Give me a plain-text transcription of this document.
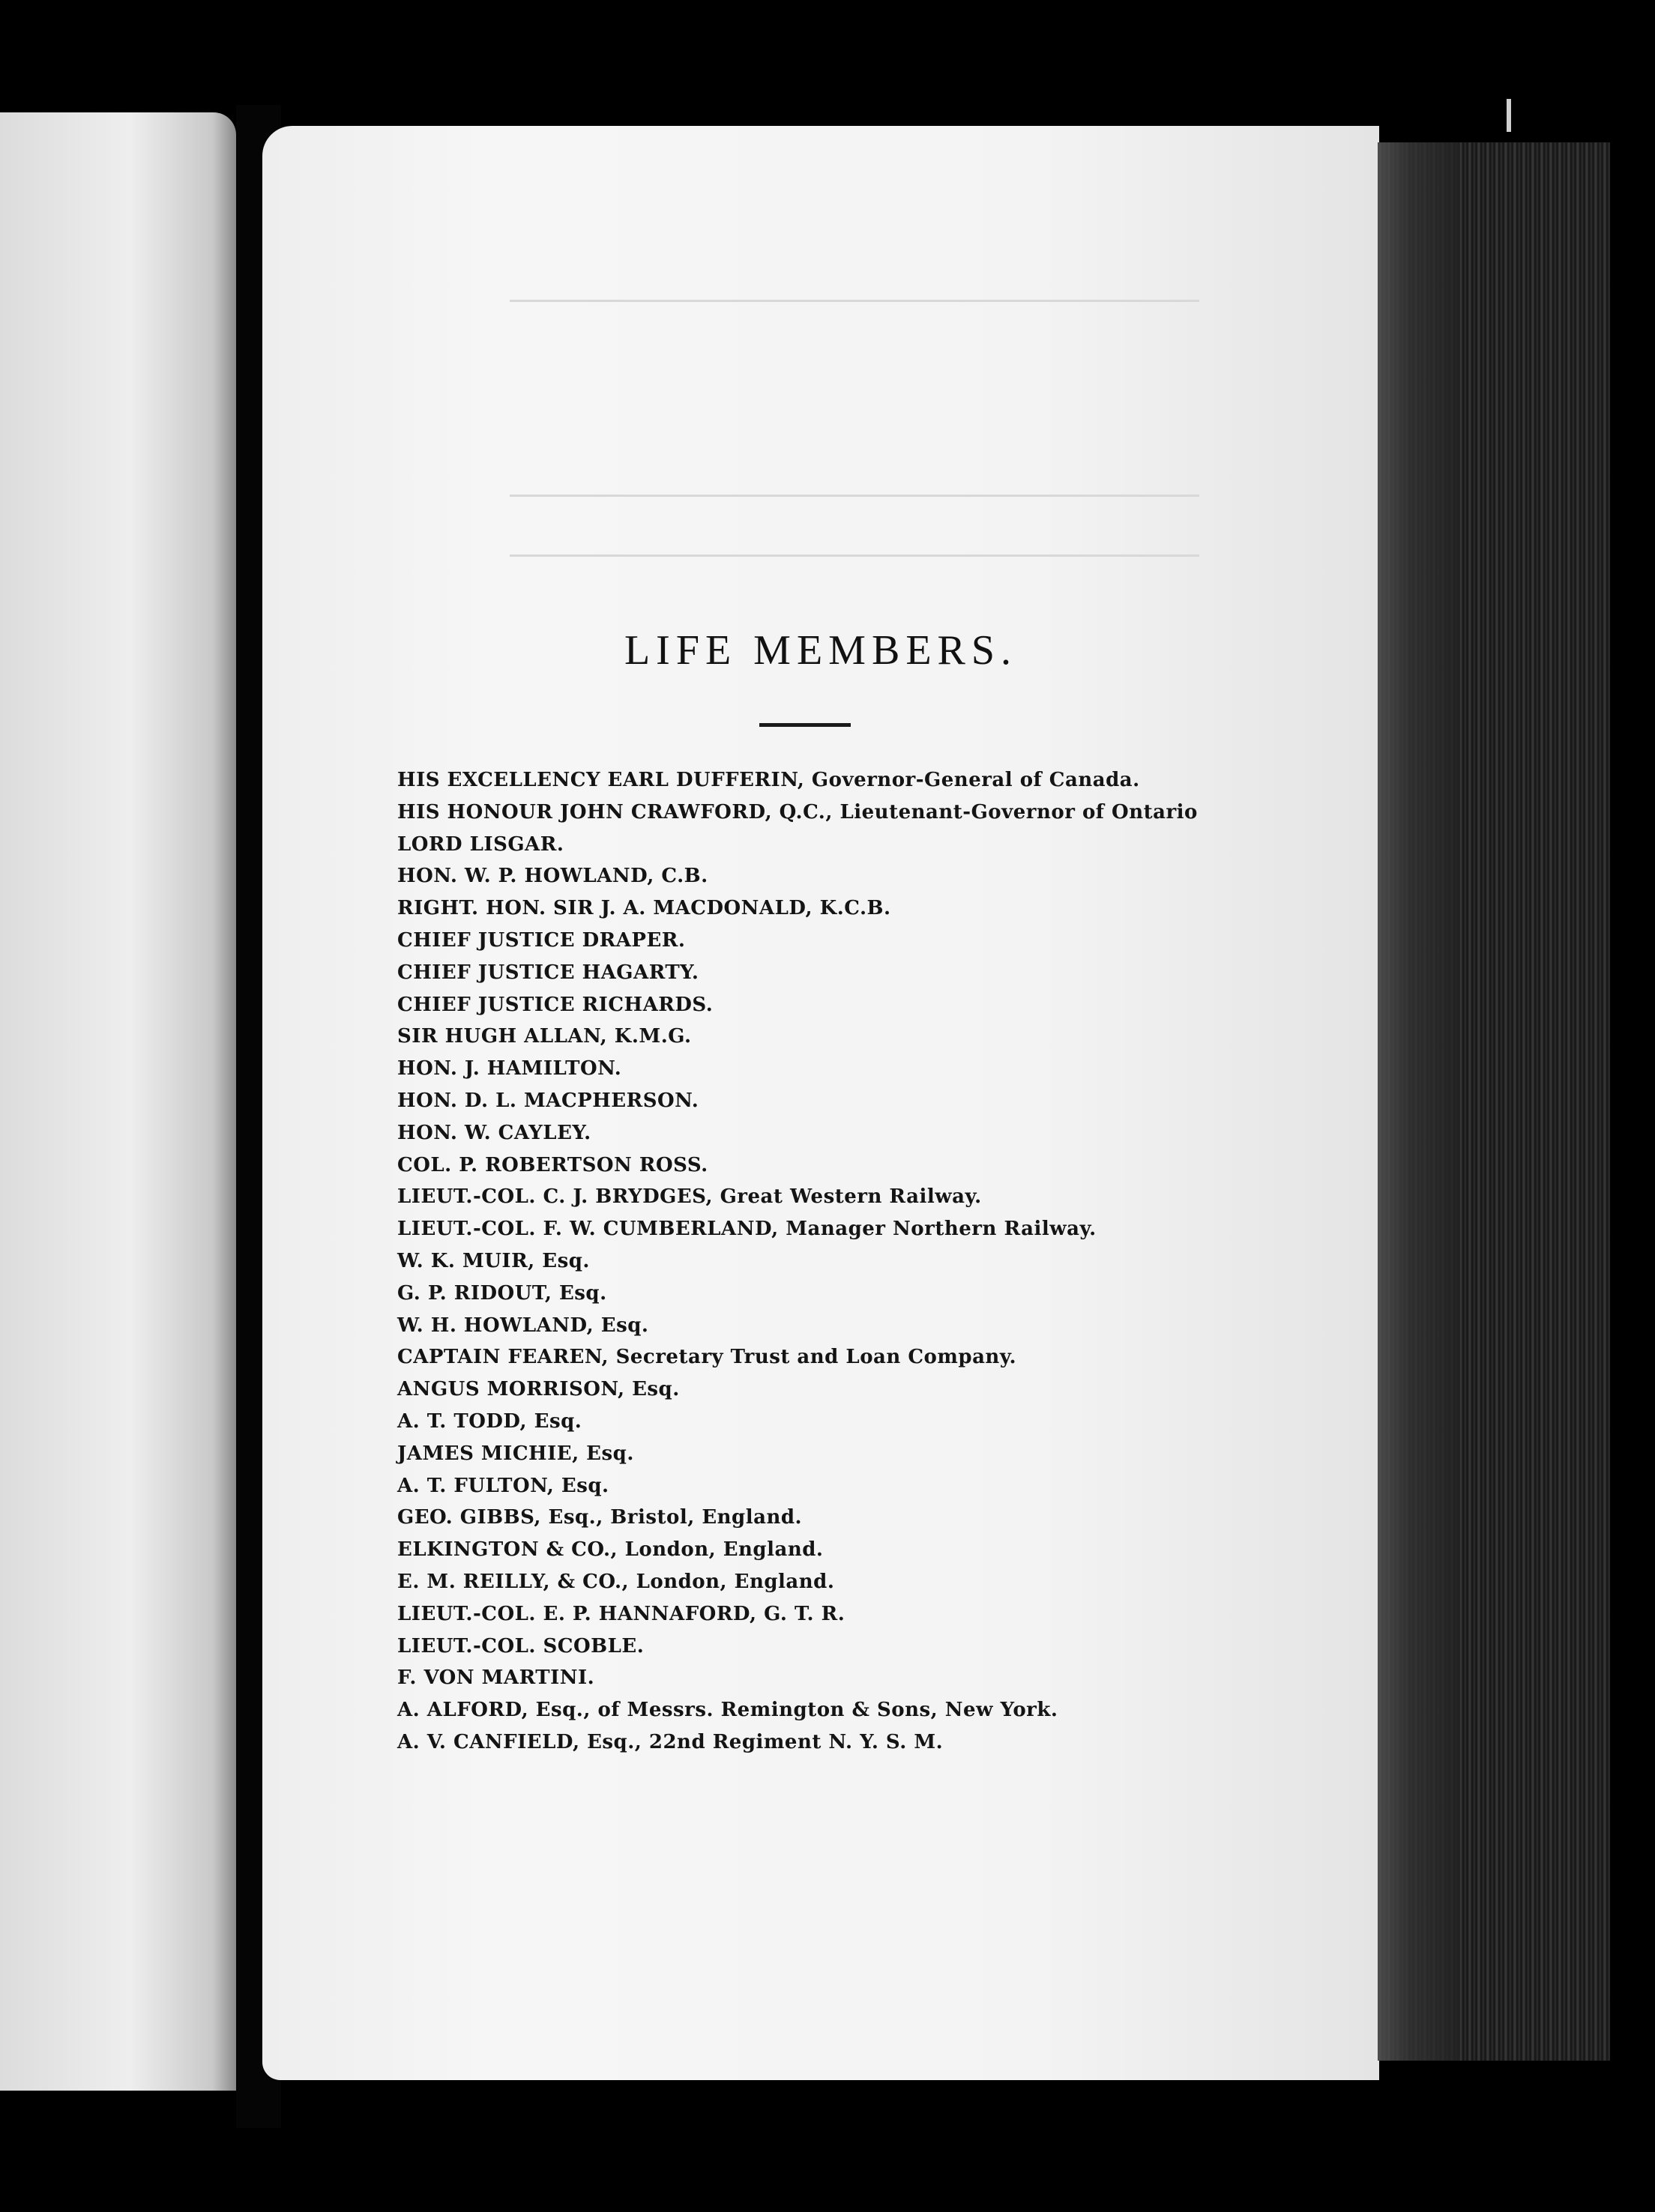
LIFE MEMBERS.
HIS EXCELLENCY EARL DUFFERIN, Governor-General of Canada.
HIS HONOUR JOHN CRAWFORD, Q.C., Lieutenant-Governor of Ontario
LORD LISGAR.
HON. W. P. HOWLAND, C.B.
RIGHT. HON. SIR J. A. MACDONALD, K.C.B.
CHIEF JUSTICE DRAPER.
CHIEF JUSTICE HAGARTY.
CHIEF JUSTICE RICHARDS.
SIR HUGH ALLAN, K.M.G.
HON. J. HAMILTON.
HON. D. L. MACPHERSON.
HON. W. CAYLEY.
COL. P. ROBERTSON ROSS.
LIEUT.-COL. C. J. BRYDGES, Great Western Railway.
LIEUT.-COL. F. W. CUMBERLAND, Manager Northern Railway.
W. K. MUIR, Esq.
G. P. RIDOUT, Esq.
W. H. HOWLAND, Esq.
CAPTAIN FEAREN, Secretary Trust and Loan Company.
ANGUS MORRISON, Esq.
A. T. TODD, Esq.
JAMES MICHIE, Esq.
A. T. FULTON, Esq.
GEO. GIBBS, Esq., Bristol, England.
ELKINGTON & CO., London, England.
E. M. REILLY, & CO., London, England.
LIEUT.-COL. E. P. HANNAFORD, G. T. R.
LIEUT.-COL. SCOBLE.
F. VON MARTINI.
A. ALFORD, Esq., of Messrs. Remington & Sons, New York.
A. V. CANFIELD, Esq., 22nd Regiment N. Y. S. M.
